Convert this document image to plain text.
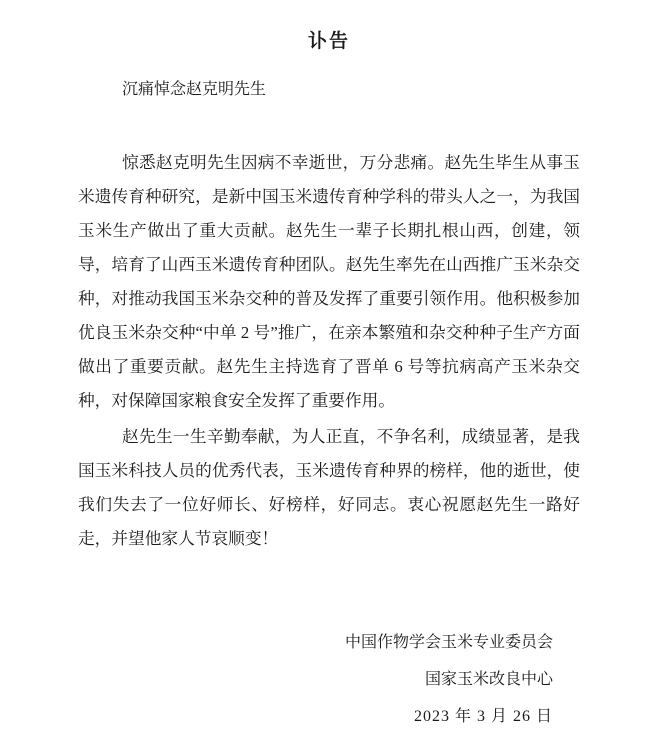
讣告

沉痛悼念赵克明先生

惊悉赵克明先生因病不幸逝世，万分悲痛。赵先生毕生从事玉米遗传育种研究，是新中国玉米遗传育种学科的带头人之一，为我国玉米生产做出了重大贡献。赵先生一辈子长期扎根山西，创建，领导，培育了山西玉米遗传育种团队。赵先生率先在山西推广玉米杂交种，对推动我国玉米杂交种的普及发挥了重要引领作用。他积极参加优良玉米杂交种“中单 2 号”推广，在亲本繁殖和杂交种种子生产方面做出了重要贡献。赵先生主持选育了晋单 6 号等抗病高产玉米杂交种，对保障国家粮食安全发挥了重要作用。

赵先生一生辛勤奉献，为人正直，不争名利，成绩显著，是我国玉米科技人员的优秀代表，玉米遗传育种界的榜样，他的逝世，使我们失去了一位好师长、好榜样，好同志。衷心祝愿赵先生一路好走，并望他家人节哀顺变！

中国作物学会玉米专业委员会

国家玉米改良中心

2023 年 3 月 26 日
